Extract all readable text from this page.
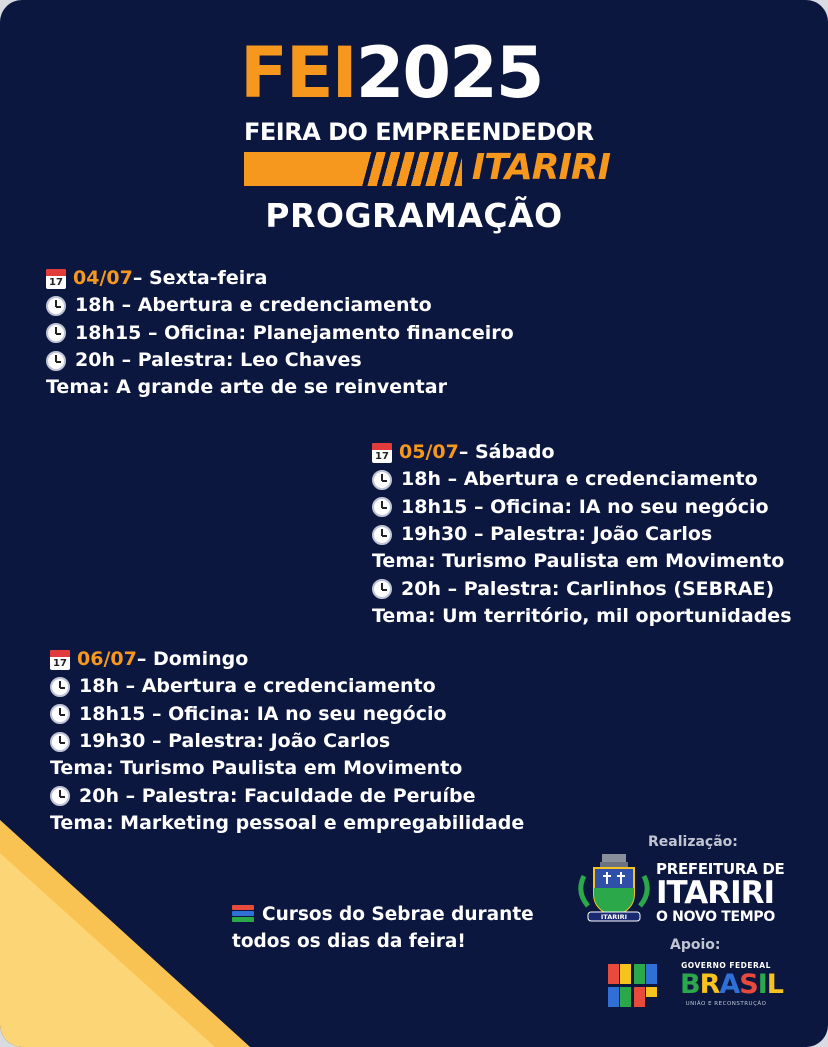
FEI2025
FEIRA DO EMPREENDEDOR
ITARIRI
PROGRAMAÇÃO
17
04/07 – Sexta-feira
18h – Abertura e credenciamento
18h15 – Oficina: Planejamento financeiro
20h – Palestra: Leo Chaves
Tema: A grande arte de se reinventar
17
05/07 – Sábado
18h – Abertura e credenciamento
18h15 – Oficina: IA no seu negócio
19h30 – Palestra: João Carlos
Tema: Turismo Paulista em Movimento
20h – Palestra: Carlinhos (SEBRAE)
Tema: Um território, mil oportunidades
17
06/07 – Domingo
18h – Abertura e credenciamento
18h15 – Oficina: IA no seu negócio
19h30 – Palestra: João Carlos
Tema: Turismo Paulista em Movimento
20h – Palestra: Faculdade de Peruíbe
Tema: Marketing pessoal e empregabilidade
Cursos do Sebrae durante
todos os dias da feira!
Realização:
ITARIRI
PREFEITURA DE
ITARIRI
O NOVO TEMPO
Apoio:
GOVERNO FEDERAL
BRASIL
UNIÃO E RECONSTRUÇÃO
